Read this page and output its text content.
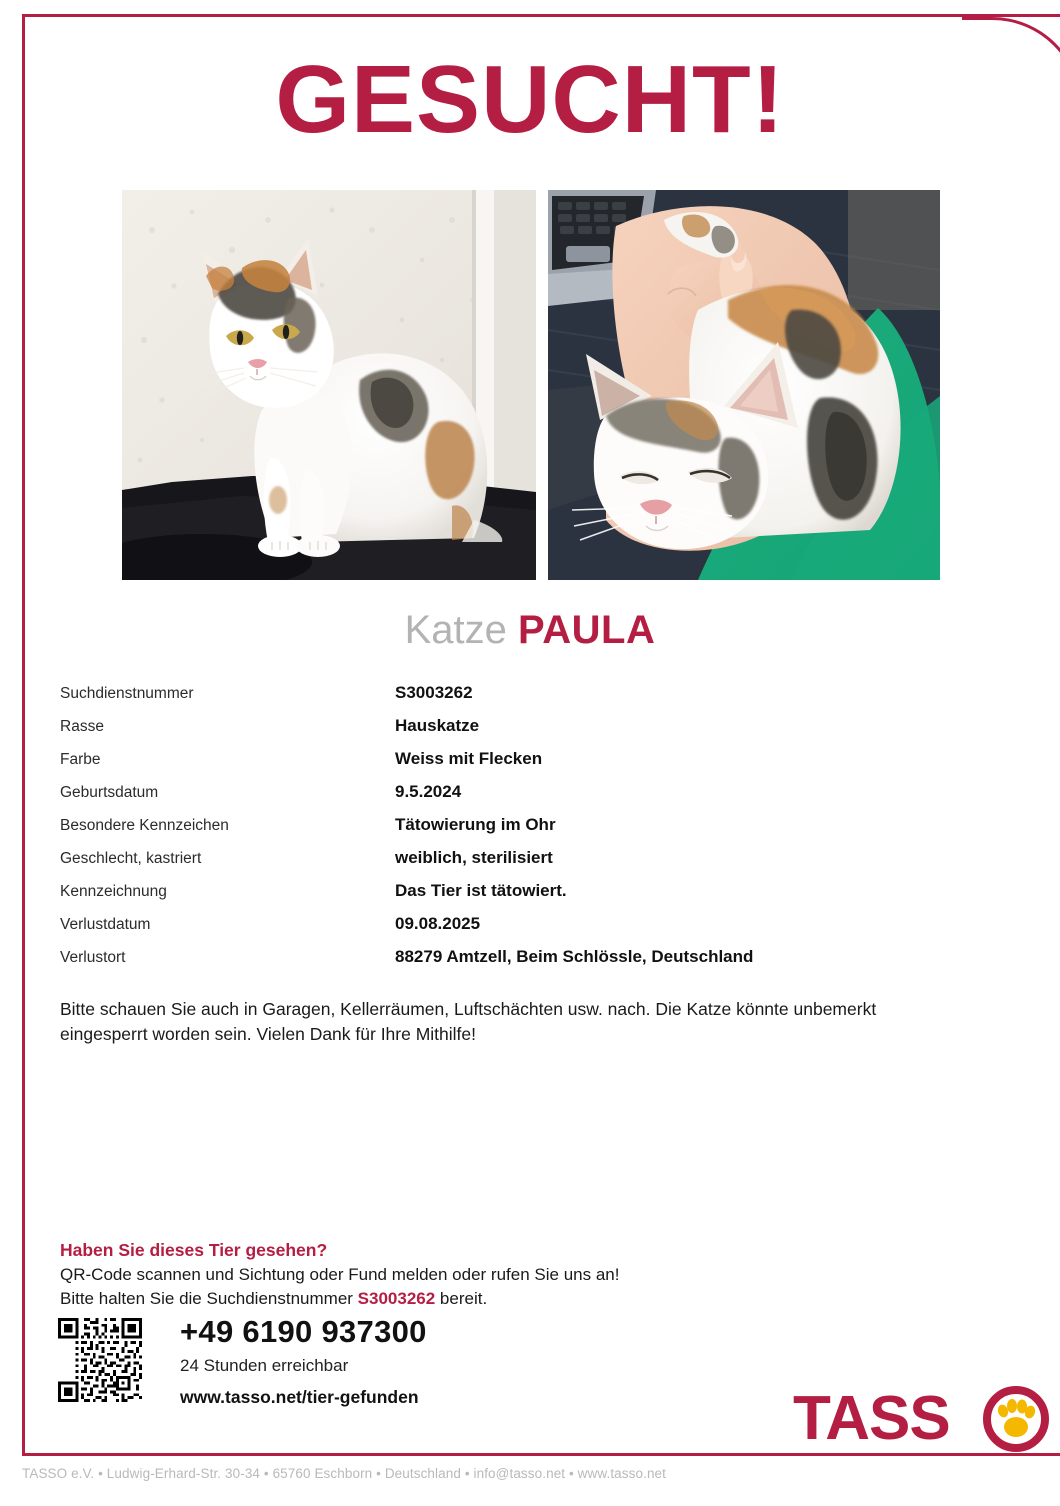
GESUCHT!
Katze PAULA
Suchdienstnummer	S3003262
Rasse	Hauskatze
Farbe	Weiss mit Flecken
Geburtsdatum	9.5.2024
Besondere Kennzeichen	Tätowierung im Ohr
Geschlecht, kastriert	weiblich, sterilisiert
Kennzeichnung	Das Tier ist tätowiert.
Verlustdatum	09.08.2025
Verlustort	88279 Amtzell, Beim Schlössle, Deutschland
Bitte schauen Sie auch in Garagen, Kellerräumen, Luftschächten usw. nach. Die Katze könnte unbemerkt eingesperrt worden sein. Vielen Dank für Ihre Mithilfe!
Haben Sie dieses Tier gesehen?

QR-Code scannen und Sichtung oder Fund melden oder rufen Sie uns an!

Bitte halten Sie die Suchdienstnummer S3003262 bereit.

+49 6190 937300
24 Stunden erreichbar
www.tasso.net/tier-gefunden	TASS
TASSO e.V. • Ludwig-Erhard-Str. 30-34 • 65760 Eschborn • Deutschland • info@tasso.net • www.tasso.net
